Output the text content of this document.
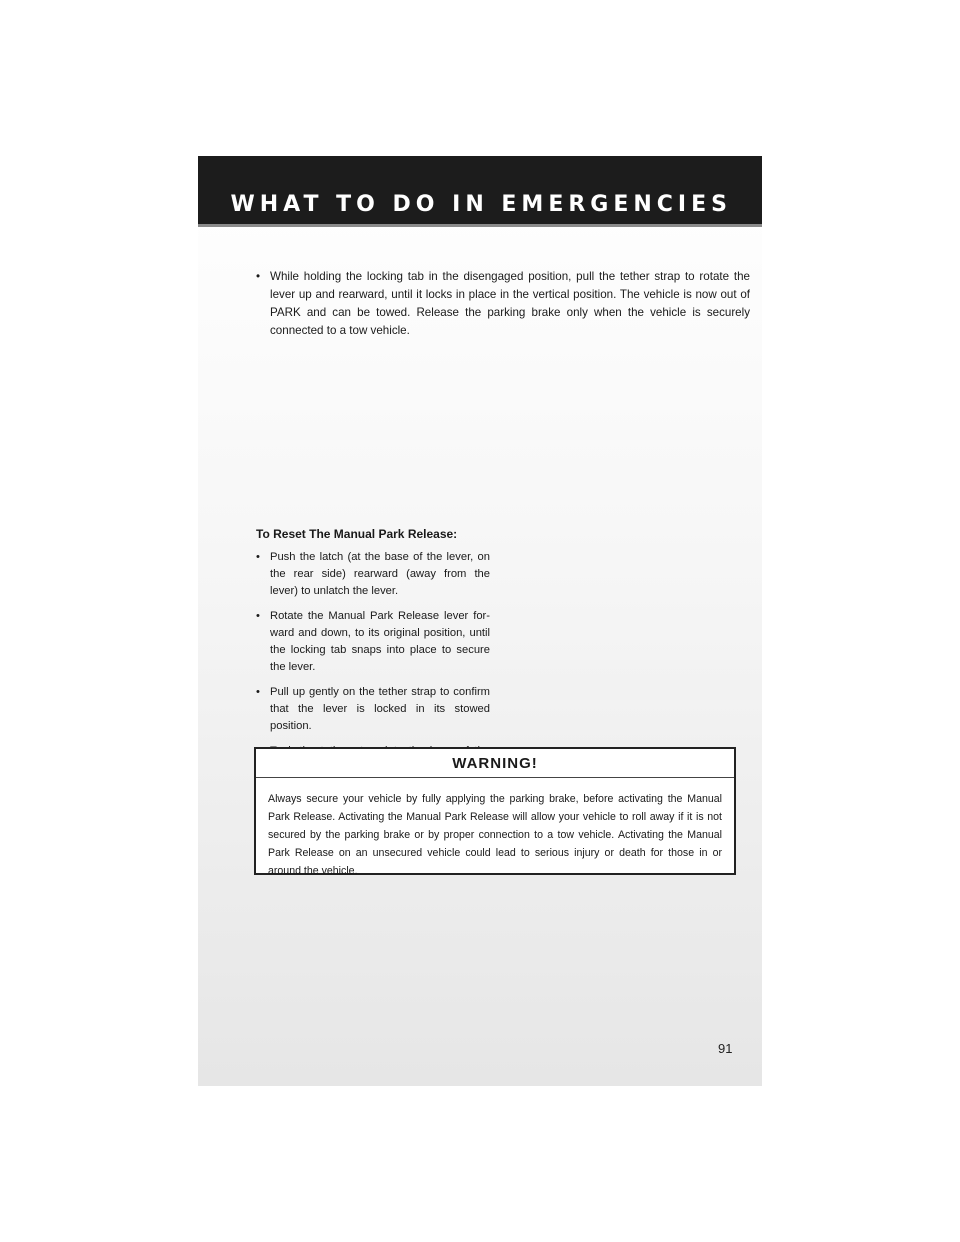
WHAT TO DO IN EMERGENCIES
• While holding the locking tab in the disengaged position, pull the tether strap to rotate the lever up and rearward, until it locks in place in the vertical position. The vehicle is now out of PARK and can be towed. Release the parking brake only when the vehicle is securely connected to a tow vehicle.
To Reset The Manual Park Release:
• Push the latch (at the base of the lever, on the rear side) rearward (away from the lever) to unlatch the lever.
• Rotate the Manual Park Release lever for-ward and down, to its original position, until the locking tab snaps into place to secure the lever.
• Pull up gently on the tether strap to confirm that the lever is locked in its stowed position.
WARNING!
Always secure your vehicle by fully applying the parking brake, before activating the Manual Park Release. Activating the Manual Park Release will allow your vehicle to roll away if it is not secured by the parking brake or by proper connection to a tow vehicle. Activating the Manual Park Release on an unsecured vehicle could lead to serious injury or death for those in or around the vehicle.
91
